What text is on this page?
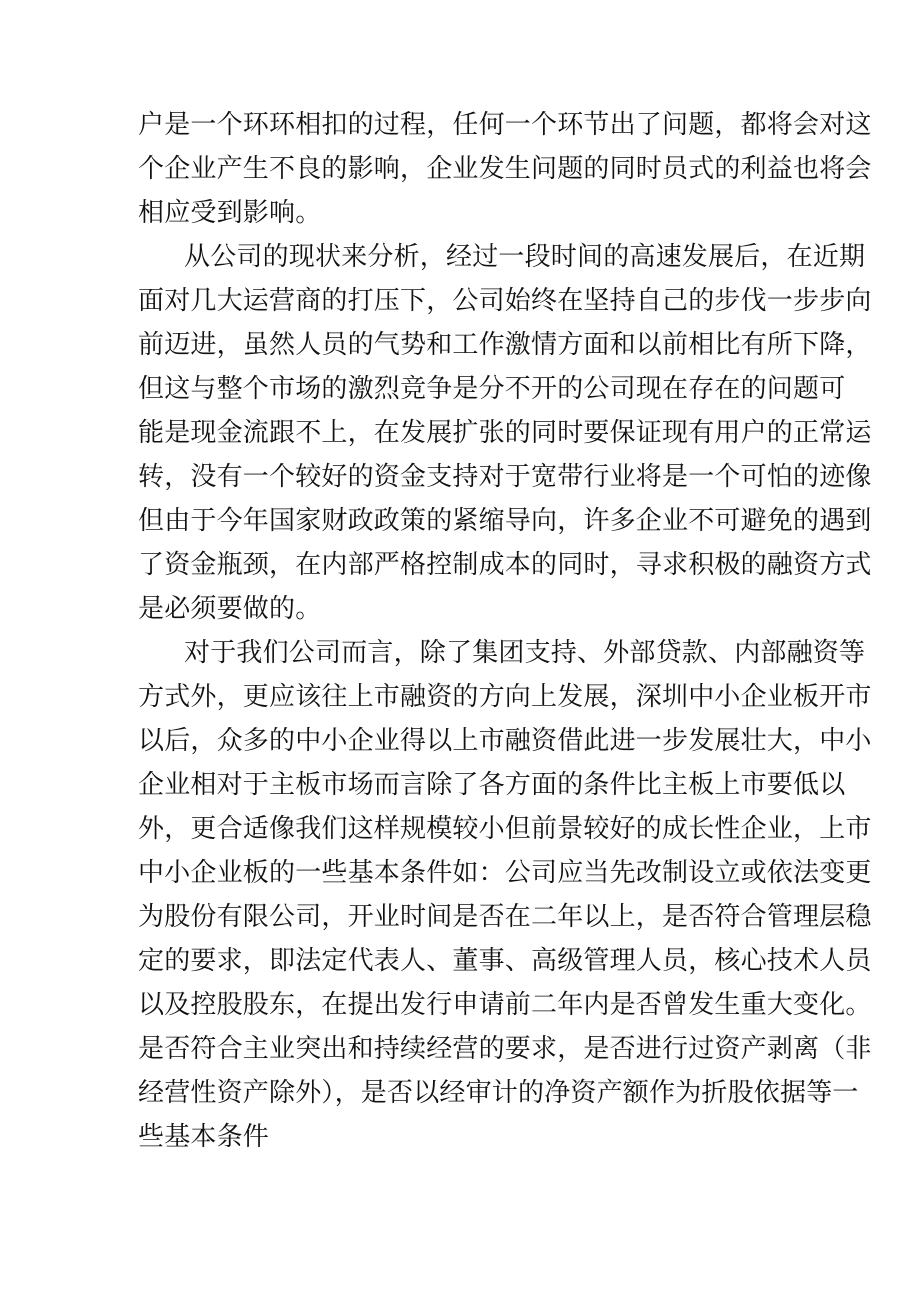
户是一个环环相扣的过程，任何一个环节出了问题，都将会对这
个企业产生不良的影响，企业发生问题的同时员式的利益也将会
相应受到影响。
从公司的现状来分析，经过一段时间的高速发展后，在近期
面对几大运营商的打压下，公司始终在坚持自己的步伐一步步向
前迈进，虽然人员的气势和工作激情方面和以前相比有所下降，
但这与整个市场的激烈竞争是分不开的公司现在存在的问题可
能是现金流跟不上，在发展扩张的同时要保证现有用户的正常运
转，没有一个较好的资金支持对于宽带行业将是一个可怕的迹像
但由于今年国家财政政策的紧缩导向，许多企业不可避免的遇到
了资金瓶颈，在内部严格控制成本的同时，寻求积极的融资方式
是必须要做的。
对于我们公司而言，除了集团支持、外部贷款、内部融资等
方式外，更应该往上市融资的方向上发展，深圳中小企业板开市
以后，众多的中小企业得以上市融资借此进一步发展壮大，中小
企业相对于主板市场而言除了各方面的条件比主板上市要低以
外，更合适像我们这样规模较小但前景较好的成长性企业，上市
中小企业板的一些基本条件如：公司应当先改制设立或依法变更
为股份有限公司，开业时间是否在二年以上，是否符合管理层稳
定的要求，即法定代表人、董事、高级管理人员，核心技术人员
以及控股股东，在提出发行申请前二年内是否曾发生重大变化。
是否符合主业突出和持续经营的要求，是否进行过资产剥离（非
经营性资产除外），是否以经审计的净资产额作为折股依据等一
些基本条件
